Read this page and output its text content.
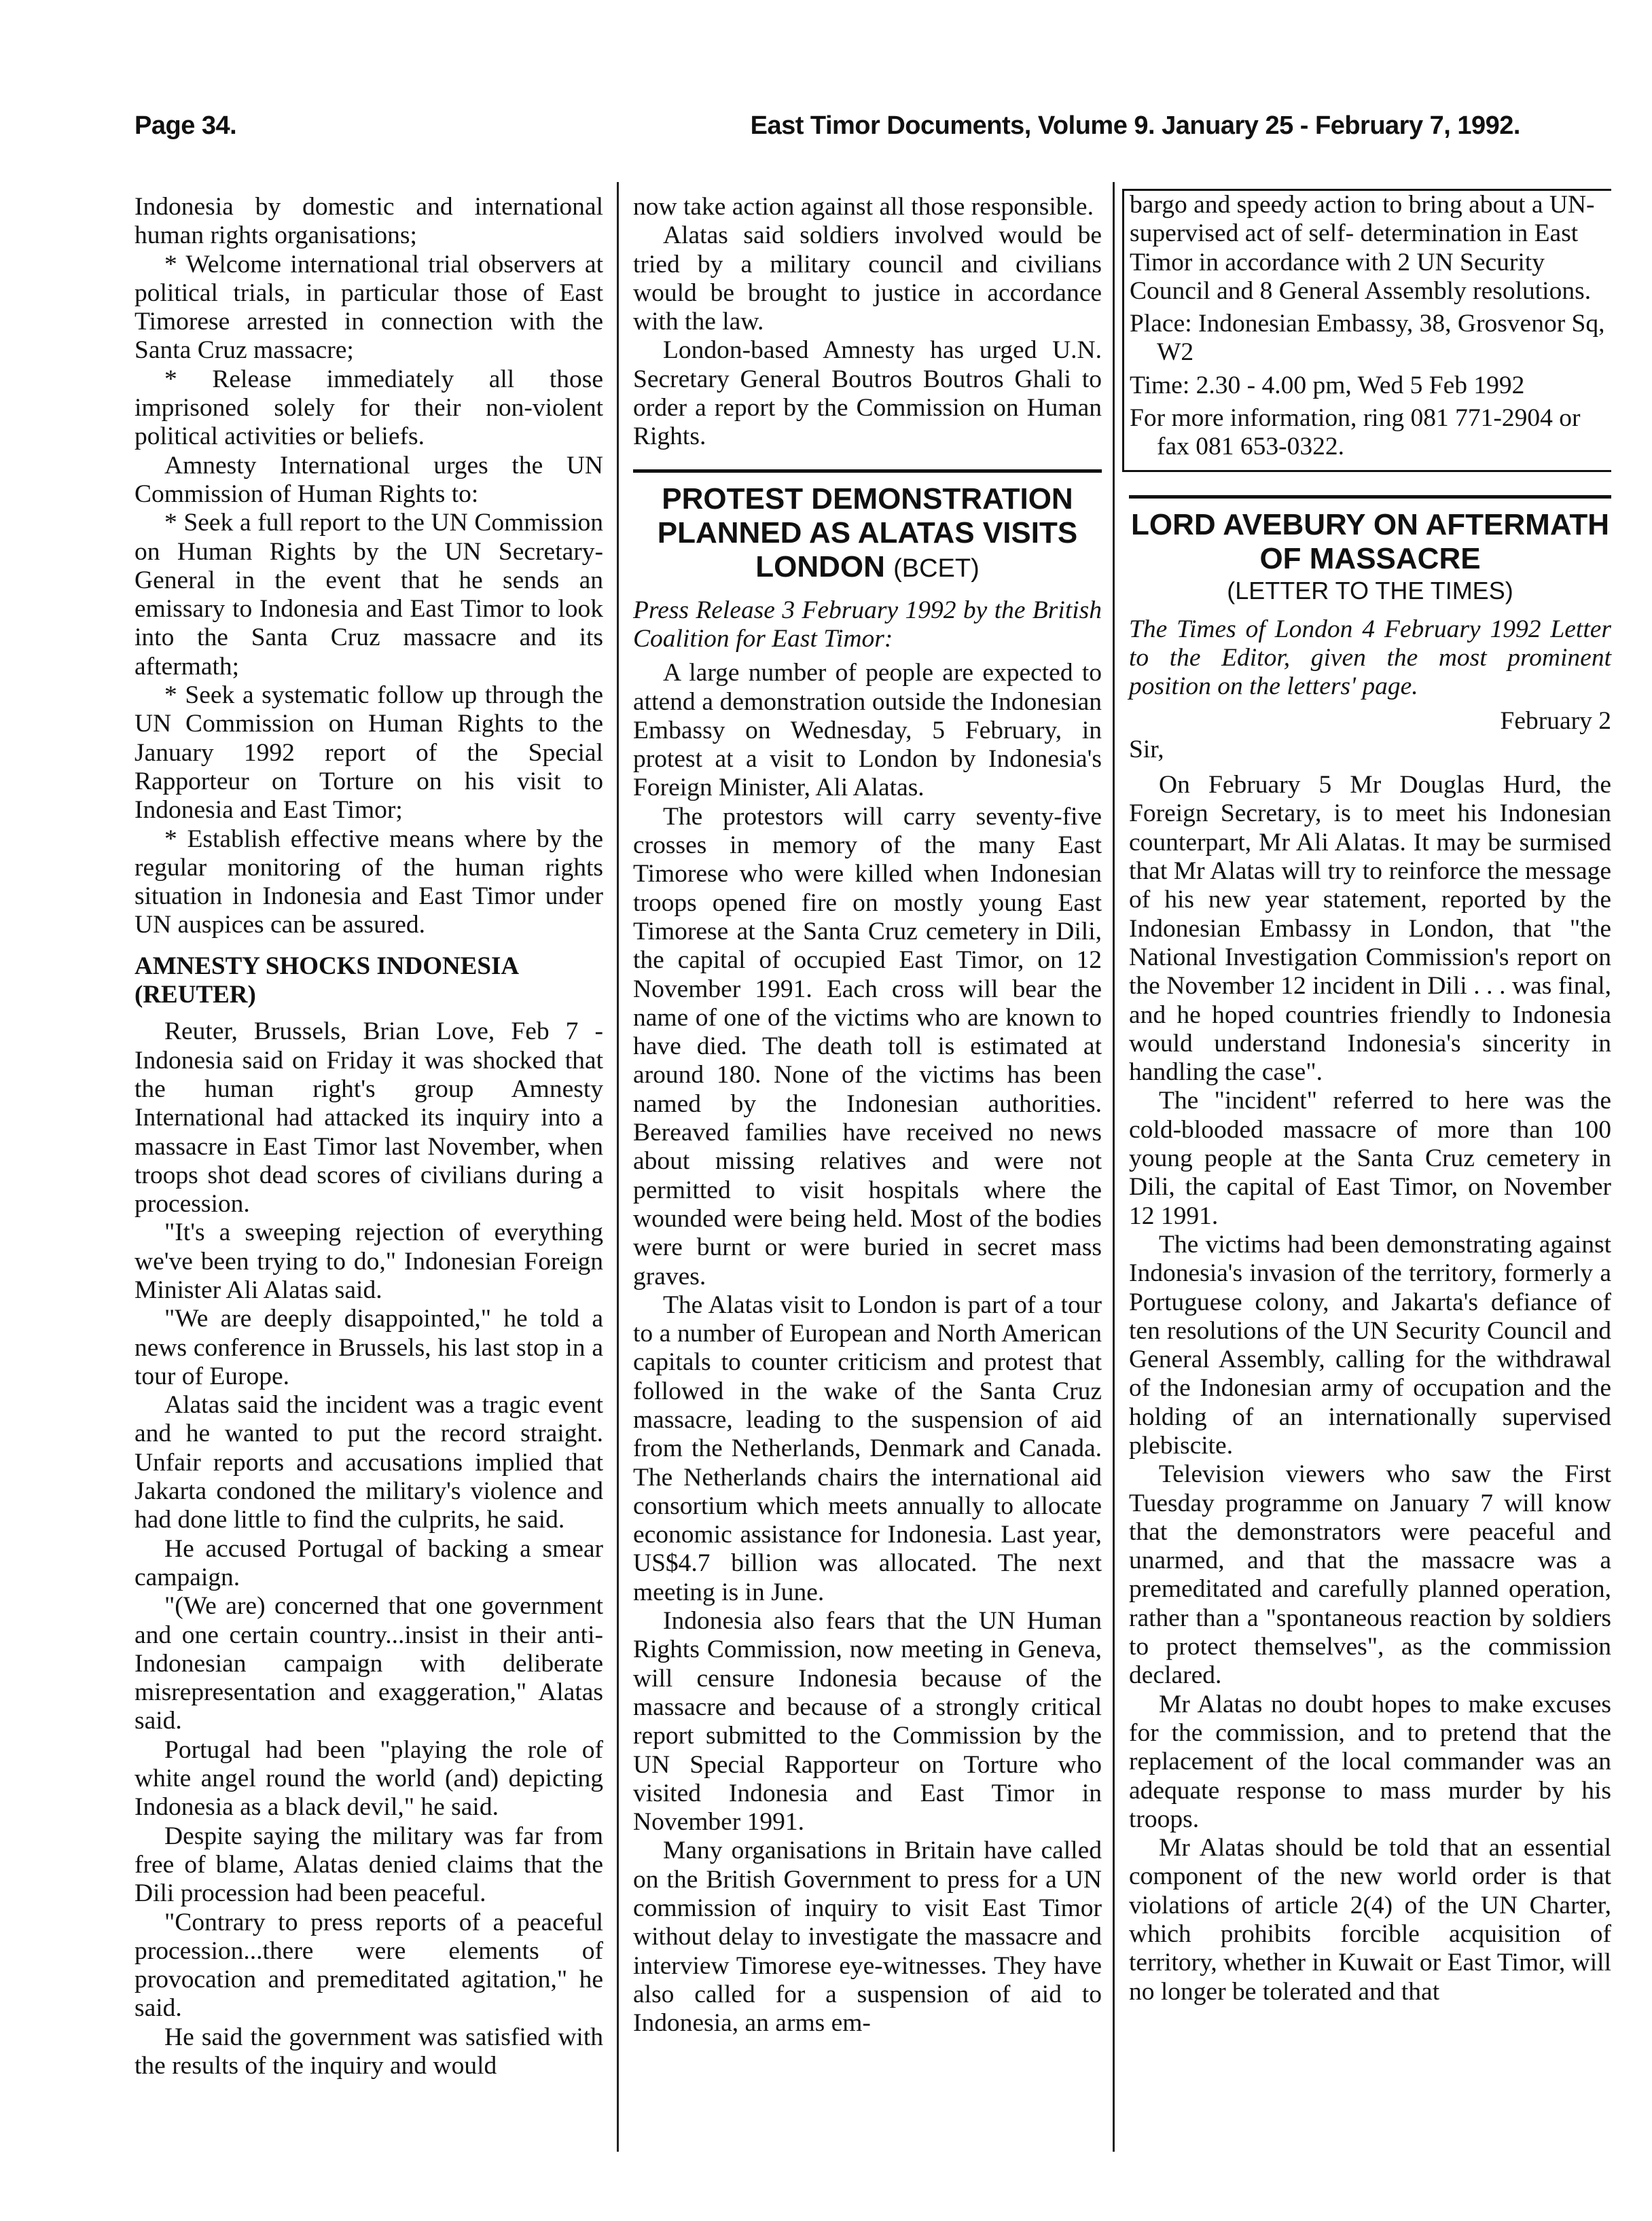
Page 34.	East Timor Documents, Volume 9. January 25 - February 7, 1992.

Indonesia by domestic and international human rights organisations;

* Welcome international trial observers at political trials, in particular those of East Timorese arrested in connection with the Santa Cruz massacre;

* Release immediately all those imprisoned solely for their non-violent political activities or beliefs.

Amnesty International urges the UN Commission of Human Rights to:

* Seek a full report to the UN Commission on Human Rights by the UN Secretary-General in the event that he sends an emissary to Indonesia and East Timor to look into the Santa Cruz massacre and its aftermath;

* Seek a systematic follow up through the UN Commission on Human Rights to the January 1992 report of the Special Rapporteur on Torture on his visit to Indonesia and East Timor;

* Establish effective means where by the regular monitoring of the human rights situation in Indonesia and East Timor under UN auspices can be assured.

AMNESTY SHOCKS INDONESIA (REUTER)

Reuter, Brussels, Brian Love, Feb 7 - Indonesia said on Friday it was shocked that the human right's group Amnesty International had attacked its inquiry into a massacre in East Timor last November, when troops shot dead scores of civilians during a procession.

"It's a sweeping rejection of everything we've been trying to do," Indonesian Foreign Minister Ali Alatas said.

"We are deeply disappointed," he told a news conference in Brussels, his last stop in a tour of Europe.

Alatas said the incident was a tragic event and he wanted to put the record straight. Unfair reports and accusations implied that Jakarta condoned the military's violence and had done little to find the culprits, he said.

He accused Portugal of backing a smear campaign.

"(We are) concerned that one government and one certain country...insist in their anti-Indonesian campaign with deliberate misrepresentation and exaggeration," Alatas said.

Portugal had been "playing the role of white angel round the world (and) depicting Indonesia as a black devil," he said.

Despite saying the military was far from free of blame, Alatas denied claims that the Dili procession had been peaceful.

"Contrary to press reports of a peaceful procession...there were elements of provocation and premeditated agitation," he said.

He said the government was satisfied with the results of the inquiry and would

now take action against all those responsible.

Alatas said soldiers involved would be tried by a military council and civilians would be brought to justice in accordance with the law.

London-based Amnesty has urged U.N. Secretary General Boutros Boutros Ghali to order a report by the Commission on Human Rights.

PROTEST DEMONSTRATION PLANNED AS ALATAS VISITS LONDON (BCET)

Press Release 3 February 1992 by the British Coalition for East Timor:

A large number of people are expected to attend a demonstration outside the Indonesian Embassy on Wednesday, 5 February, in protest at a visit to London by Indonesia's Foreign Minister, Ali Alatas.

The protestors will carry seventy-five crosses in memory of the many East Timorese who were killed when Indonesian troops opened fire on mostly young East Timorese at the Santa Cruz cemetery in Dili, the capital of occupied East Timor, on 12 November 1991. Each cross will bear the name of one of the victims who are known to have died. The death toll is estimated at around 180. None of the victims has been named by the Indonesian authorities. Bereaved families have received no news about missing relatives and were not permitted to visit hospitals where the wounded were being held. Most of the bodies were burnt or were buried in secret mass graves.

The Alatas visit to London is part of a tour to a number of European and North American capitals to counter criticism and protest that followed in the wake of the Santa Cruz massacre, leading to the suspension of aid from the Netherlands, Denmark and Canada. The Netherlands chairs the international aid consortium which meets annually to allocate economic assistance for Indonesia. Last year, US$4.7 billion was allocated. The next meeting is in June.

Indonesia also fears that the UN Human Rights Commission, now meeting in Geneva, will censure Indonesia because of the massacre and because of a strongly critical report submitted to the Commission by the UN Special Rapporteur on Torture who visited Indonesia and East Timor in November 1991.

Many organisations in Britain have called on the British Government to press for a UN commission of inquiry to visit East Timor without delay to investigate the massacre and interview Timorese eye-witnesses. They have also called for a suspension of aid to Indonesia, an arms em-

bargo and speedy action to bring about a UN-supervised act of self- determination in East Timor in accordance with 2 UN Security Council and 8 General Assembly resolutions.

Place: Indonesian Embassy, 38, Grosvenor Sq, W2

Time: 2.30 - 4.00 pm, Wed 5 Feb 1992

For more information, ring 081 771-2904 or fax 081 653-0322.

LORD AVEBURY ON AFTERMATH OF MASSACRE
(LETTER TO THE TIMES)

The Times of London 4 February 1992 Letter to the Editor, given the most prominent position on the letters' page.

February 2

Sir,

On February 5 Mr Douglas Hurd, the Foreign Secretary, is to meet his Indonesian counterpart, Mr Ali Alatas. It may be surmised that Mr Alatas will try to reinforce the message of his new year statement, reported by the Indonesian Embassy in London, that "the National Investigation Commission's report on the November 12 incident in Dili . . . was final, and he hoped countries friendly to Indonesia would understand Indonesia's sincerity in handling the case".

The "incident" referred to here was the cold-blooded massacre of more than 100 young people at the Santa Cruz cemetery in Dili, the capital of East Timor, on November 12 1991.

The victims had been demonstrating against Indonesia's invasion of the territory, formerly a Portuguese colony, and Jakarta's defiance of ten resolutions of the UN Security Council and General Assembly, calling for the withdrawal of the Indonesian army of occupation and the holding of an internationally supervised plebiscite.

Television viewers who saw the First Tuesday programme on January 7 will know that the demonstrators were peaceful and unarmed, and that the massacre was a premeditated and carefully planned operation, rather than a "spontaneous reaction by soldiers to protect themselves", as the commission declared.

Mr Alatas no doubt hopes to make excuses for the commission, and to pretend that the replacement of the local commander was an adequate response to mass murder by his troops.

Mr Alatas should be told that an essential component of the new world order is that violations of article 2(4) of the UN Charter, which prohibits forcible acquisition of territory, whether in Kuwait or East Timor, will no longer be tolerated and that
